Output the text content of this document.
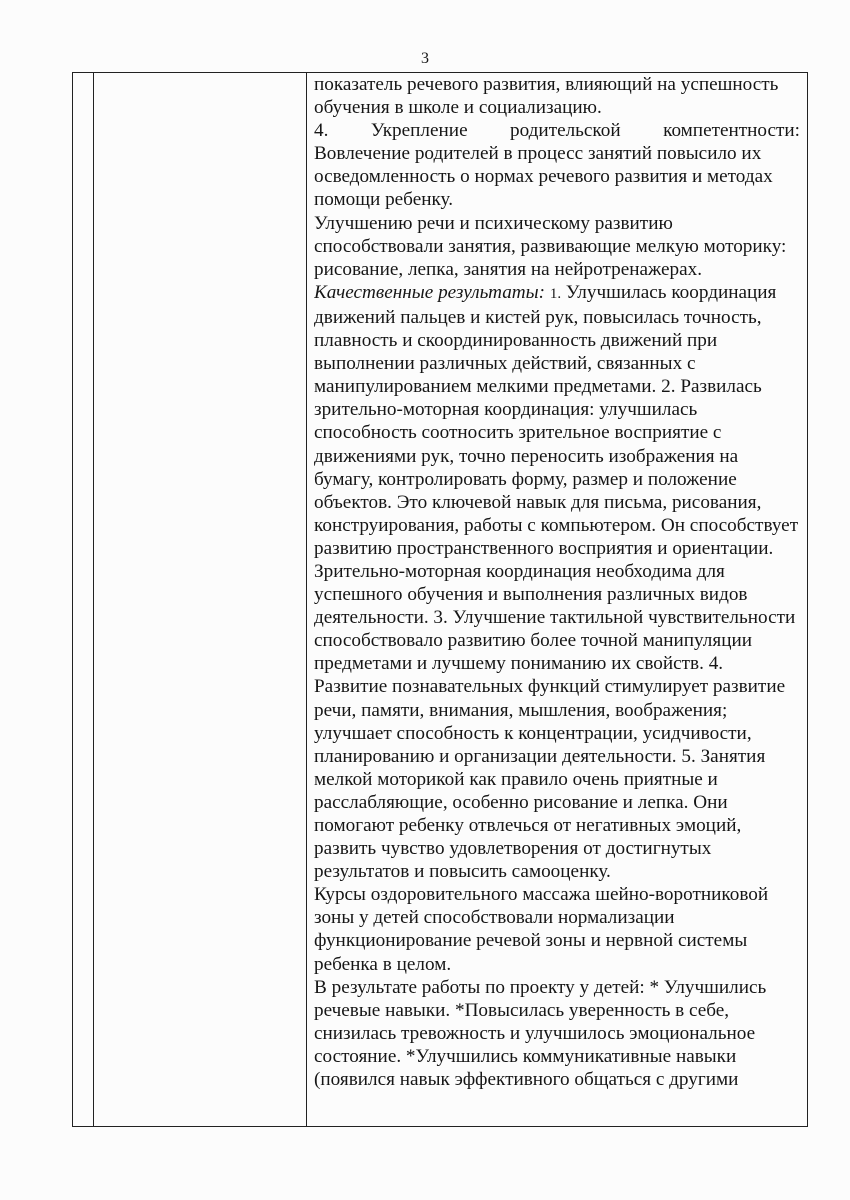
3

показатель речевого развития, влияющий на успешность обучения в школе и социализацию.

4. Укрепление родительской компетентности:

Вовлечение родителей в процесс занятий повысило их осведомленность о нормах речевого развития и методах помощи ребенку.

Улучшению речи и психическому развитию способствовали занятия, развивающие мелкую моторику: рисование, лепка, занятия на нейротренажерах. Качественные результаты: 1. Улучшилась координация движений пальцев и кистей рук, повысилась точность, плавность и скоординированность движений при выполнении различных действий, связанных с манипулированием мелкими предметами. 2. Развилась зрительно-моторная координация: улучшилась способность соотносить зрительное восприятие с движениями рук, точно переносить изображения на бумагу, контролировать форму, размер и положение объектов. Это ключевой навык для письма, рисования, конструирования, работы с компьютером. Он способствует развитию пространственного восприятия и ориентации. Зрительно-моторная координация необходима для успешного обучения и выполнения различных видов деятельности. 3. Улучшение тактильной чувствительности способствовало развитию более точной манипуляции предметами и лучшему пониманию их свойств. 4. Развитие познавательных функций стимулирует развитие речи, памяти, внимания, мышления, воображения; улучшает способность к концентрации, усидчивости, планированию и организации деятельности. 5. Занятия мелкой моторикой как правило очень приятные и расслабляющие, особенно рисование и лепка. Они помогают ребенку отвлечься от негативных эмоций, развить чувство удовлетворения от достигнутых результатов и повысить самооценку.

Курсы оздоровительного массажа шейно-воротниковой зоны у детей способствовали нормализации функционирование речевой зоны и нервной системы ребенка в целом.

В результате работы по проекту у детей: * Улучшились речевые навыки. *Повысилась уверенность в себе, снизилась тревожность и улучшилось эмоциональное состояние. *Улучшились коммуникативные навыки (появился навык эффективного общаться с другими
